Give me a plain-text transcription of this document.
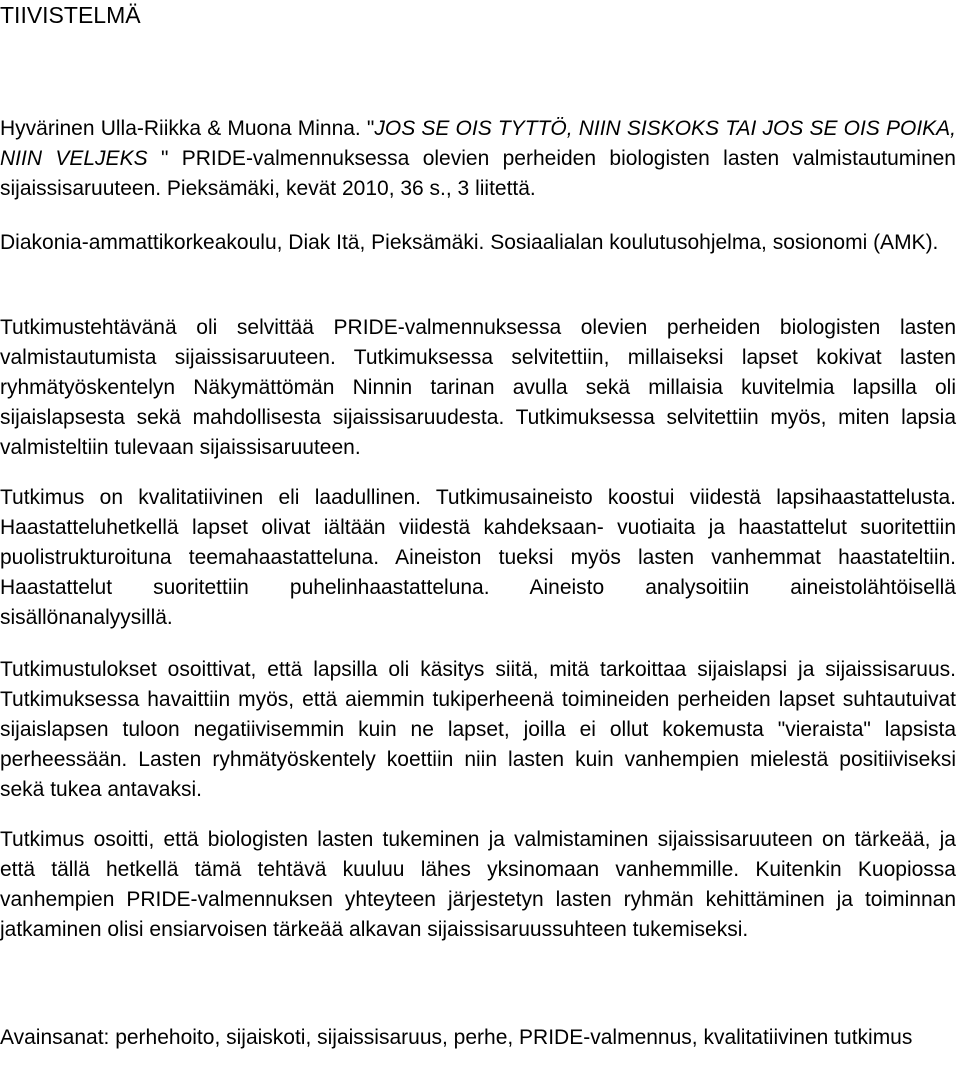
TIIVISTELMÄ

Hyvärinen Ulla-Riikka & Muona Minna. "JOS SE OIS TYTTÖ, NIIN SISKOKS TAI JOS SE OIS POIKA, NIIN VELJEKS " PRIDE-valmennuksessa olevien perheiden biologisten lasten valmistautuminen sijaissisaruuteen. Pieksämäki, kevät 2010, 36 s., 3 liitettä.

Diakonia-ammattikorkeakoulu, Diak Itä, Pieksämäki. Sosiaalialan koulutusohjelma, sosionomi (AMK).

Tutkimustehtävänä oli selvittää PRIDE-valmennuksessa olevien perheiden biologisten lasten valmistautumista sijaissisaruuteen. Tutkimuksessa selvitettiin, millaiseksi lapset kokivat lasten ryhmätyöskentelyn Näkymättömän Ninnin tarinan avulla sekä millaisia kuvitelmia lapsilla oli sijaislapsesta sekä mahdollisesta sijaissisaruudesta. Tutkimuksessa selvitettiin myös, miten lapsia valmisteltiin tulevaan sijaissisaruuteen.

Tutkimus on kvalitatiivinen eli laadullinen. Tutkimusaineisto koostui viidestä lapsihaastattelusta. Haastatteluhetkellä lapset olivat iältään viidestä kahdeksaan- vuotiaita ja haastattelut suoritettiin puolistrukturoituna teemahaastatteluna. Aineiston tueksi myös lasten vanhemmat haastateltiin. Haastattelut suoritettiin puhelinhaastatteluna. Aineisto analysoitiin aineistolähtöisellä sisällönanalyysillä.

Tutkimustulokset osoittivat, että lapsilla oli käsitys siitä, mitä tarkoittaa sijaislapsi ja sijaissisaruus. Tutkimuksessa havaittiin myös, että aiemmin tukiperheenä toimineiden perheiden lapset suhtautuivat sijaislapsen tuloon negatiivisemmin kuin ne lapset, joilla ei ollut kokemusta "vieraista" lapsista perheessään. Lasten ryhmätyöskentely koettiin niin lasten kuin vanhempien mielestä positiiviseksi sekä tukea antavaksi.

Tutkimus osoitti, että biologisten lasten tukeminen ja valmistaminen sijaissisaruuteen on tärkeää, ja että tällä hetkellä tämä tehtävä kuuluu lähes yksinomaan vanhemmille. Kuitenkin Kuopiossa vanhempien PRIDE-valmennuksen yhteyteen järjestetyn lasten ryhmän kehittäminen ja toiminnan jatkaminen olisi ensiarvoisen tärkeää alkavan sijaissisaruussuhteen tukemiseksi.

Avainsanat: perhehoito, sijaiskoti, sijaissisaruus, perhe, PRIDE-valmennus, kvalitatiivinen tutkimus
